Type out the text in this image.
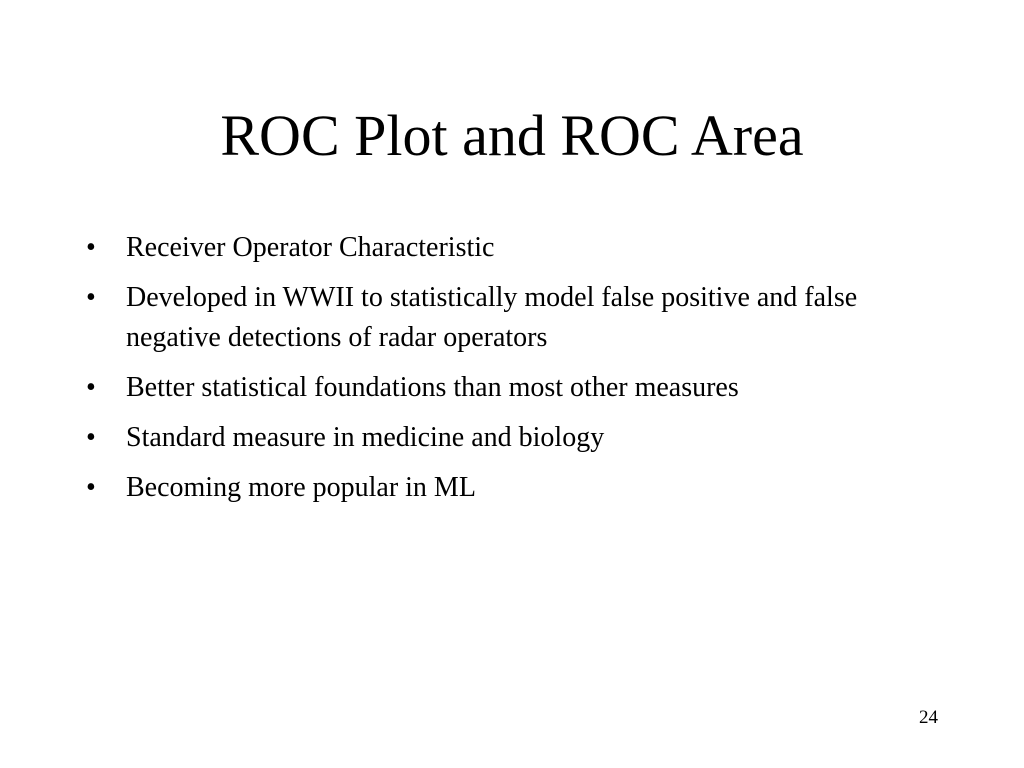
ROC Plot and ROC Area
•	Receiver Operator Characteristic
•	Developed in WWII to statistically model false positive and false negative detections of radar operators
•	Better statistical foundations than most other measures
•	Standard measure in medicine and biology
•	Becoming more popular in ML
24
